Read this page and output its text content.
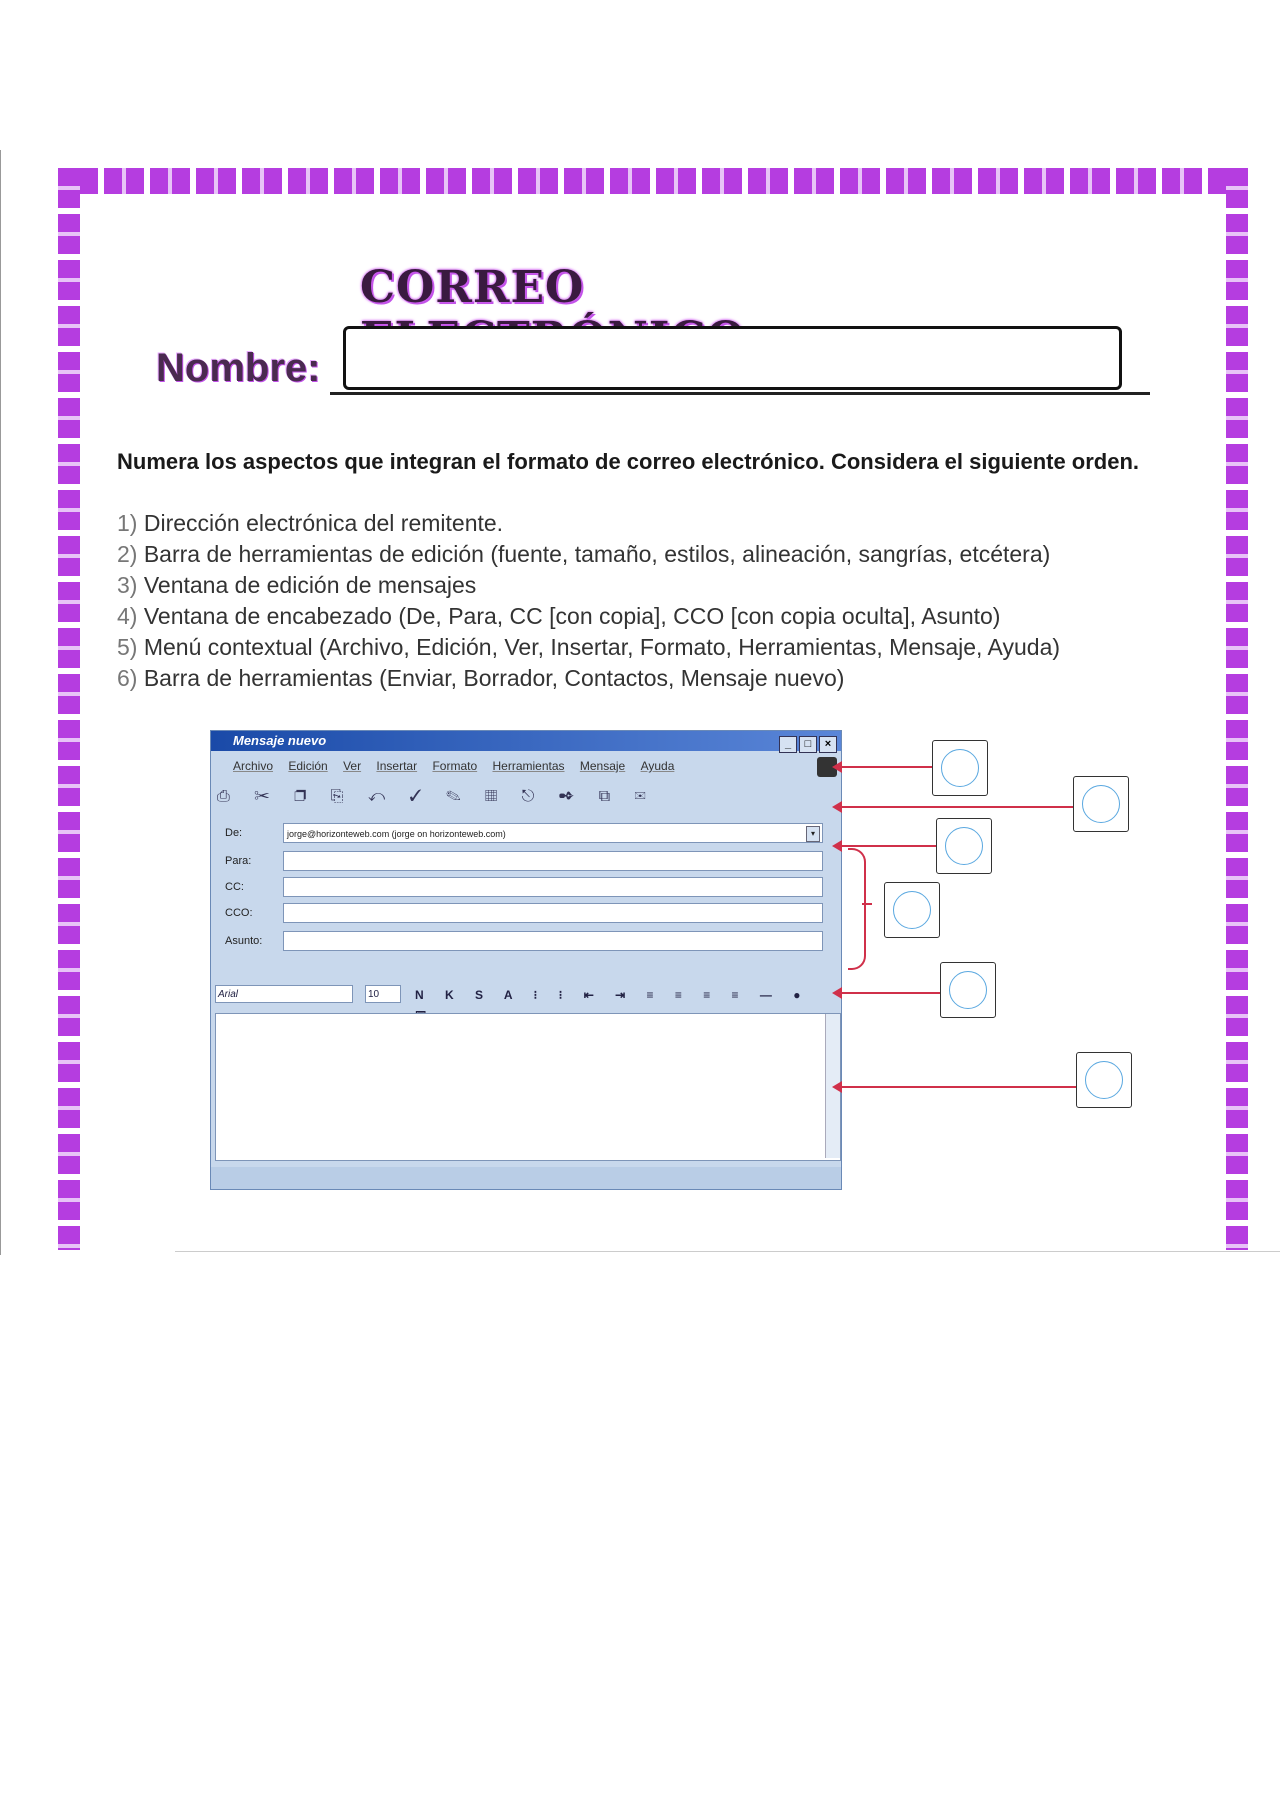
CORREO
Nombre:
Numera los aspectos que integran el formato de correo electrónico. Considera el siguiente orden.
1) Dirección electrónica del remitente.
2) Barra de herramientas de edición (fuente, tamaño, estilos, alineación, sangrías, etcétera)
3) Ventana de edición de mensajes
4) Ventana de encabezado (De, Para, CC [con copia], CCO [con copia oculta], Asunto)
5) Menú contextual (Archivo, Edición, Ver, Insertar, Formato, Herramientas, Mensaje, Ayuda)
6) Barra de herramientas (Enviar, Borrador, Contactos, Mensaje nuevo)
Mensaje nuevo	_ □ ×
Archivo Edición Ver Insertar Formato Herramientas Mensaje Ayuda
⎙ ✂ ❐ ⎘ ↶ ✓ ✎ ▦ ⎋ ✒ ⧉ ✉
De:	jorge@horizonteweb.com (jorge on horizonteweb.com)	▾
Para:
CC:
CCO:
Asunto:
Arial	10	N K S A ⁝ ⁝ ⇤ ⇥ ≡ ≡ ≡ ≡ — ●
